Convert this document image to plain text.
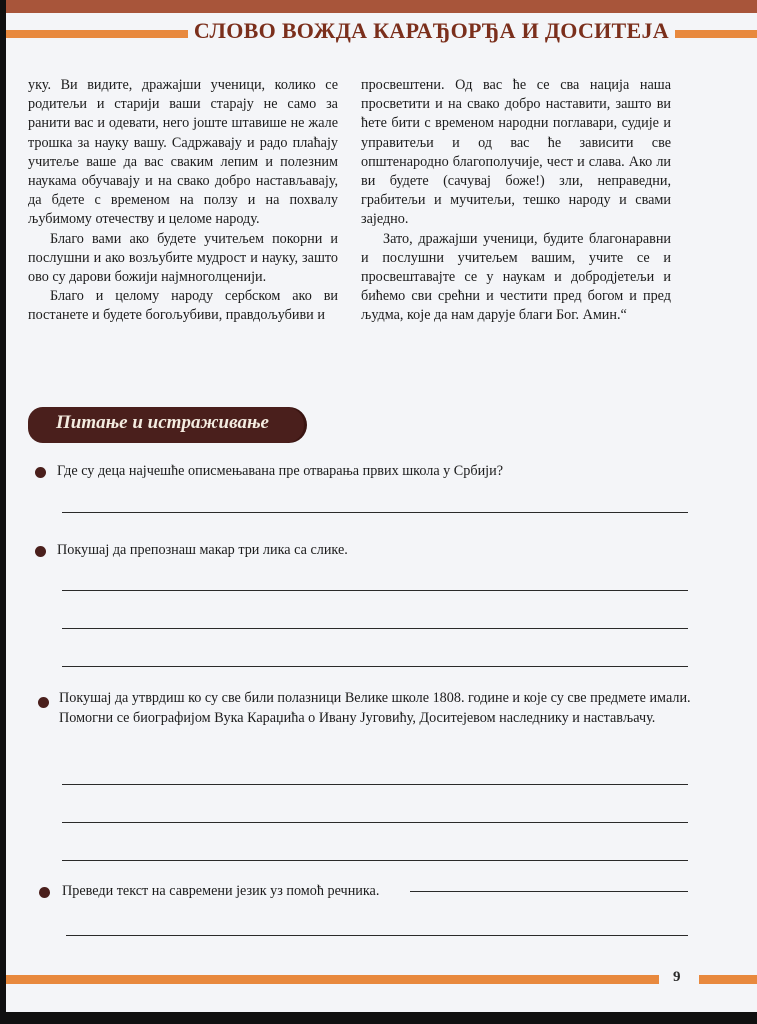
СЛОВО ВОЖДА КАРАЂОРЂА И ДОСИТЕЈА

уку. Ви видите, дражајши ученици, колико се родитељи и старији ваши старају не само за ранити вас и одевати, него јоште штавише не жале трошка за науку вашу. Садржавају и радо плаћају учитеље ваше да вас сваким лепим и полезним наукама обучавају и на свако добро настављавају, да бдете с временом на ползу и на похвалу љубимому отечеству и целоме народу.

Благо вами ако будете учитељем покорни и послушни и ако возљубите мудрост и науку, зашто ово су дарови божији најмноголценији.

Благо и целому народу сербском ако ви постанете и будете богољубиви, правдољубиви и

просвештени. Од вас ће се сва нација наша просветити и на свако добро наставити, зашто ви ћете бити с временом народни поглавари, судије и управитељи и од вас ће зависити све општенародно благополучије, чест и слава. Ако ли ви будете (сачувај боже!) зли, неправедни, грабитељи и мучитељи, тешко народу и свами заједно.

Зато, дражајши ученици, будите благонаравни и послушни учитељем вашим, учите се и просвештавајте се у наукам и добродјетељи и бићемо сви срећни и честити пред богом и пред људма, које да нам дарује благи Бог. Амин.“

Питање и истраживање
Где су деца најчешће описмењавана пре отварања првих школа у Србији?
Покушај да препознаш макар три лика са слике.
Покушај да утврдиш ко су све били полазници Велике школе 1808. године и које су све предмете имали. Помогни се биографијом Вука Караџића о Ивану Југовићу, Доситејевом наследнику и настављачу.
Преведи текст на савремени језик уз помоћ речника.
9
